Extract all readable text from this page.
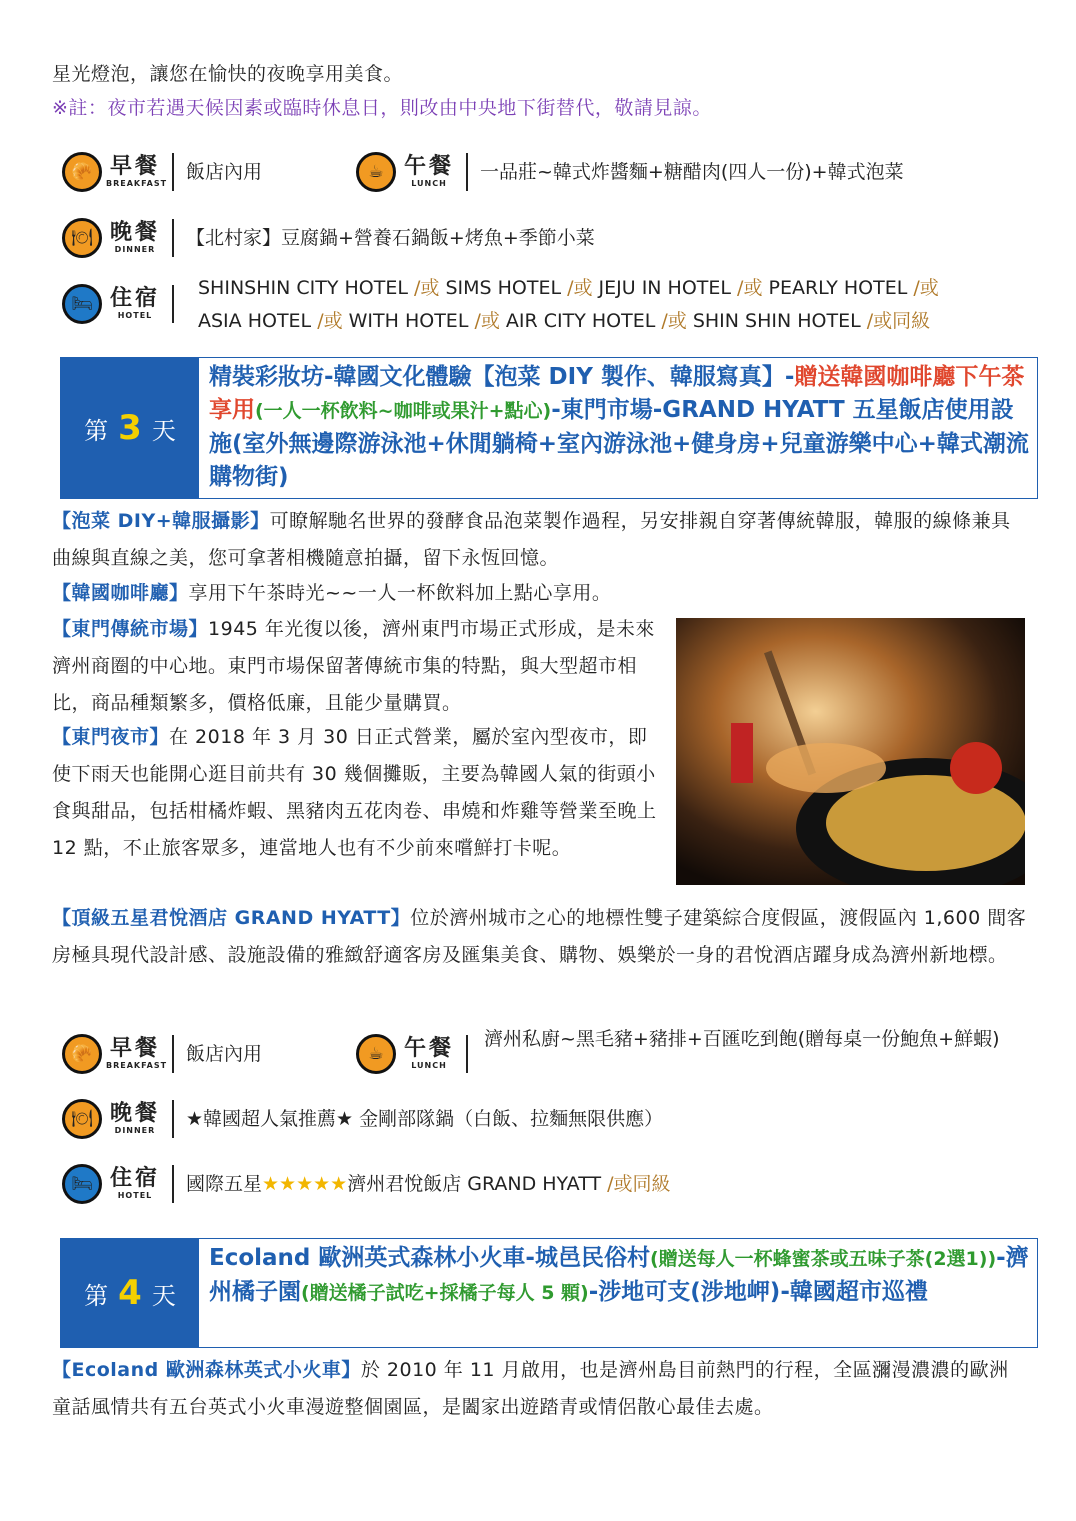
星光燈泡，讓您在愉快的夜晚享用美食。
※註：夜市若遇天候因素或臨時休息日，則改由中央地下街替代，敬請見諒。
🥐 早餐
BREAKFAST
飯店內用	☕ 午餐
LUNCH
一品莊~韓式炸醬麵+糖醋肉(四人一份)+韓式泡菜
🍽 晚餐
DINNER
【北村家】豆腐鍋+營養石鍋飯+烤魚+季節小菜
🛏 住宿
HOTEL
SHINSHIN CITY HOTEL /或 SIMS HOTEL /或 JEJU IN HOTEL /或 PEARLY HOTEL /或
ASIA HOTEL /或 WITH HOTEL /或 AIR CITY HOTEL /或 SHIN SHIN HOTEL /或同級
第 3 天
精裝彩妝坊-韓國文化體驗【泡菜 DIY 製作、韓服寫真】-贈送韓國咖啡廳下午茶享用(一人一杯飲料~咖啡或果汁+點心)-東門市場-GRAND HYATT 五星飯店使用設施(室外無邊際游泳池+休閒躺椅+室內游泳池+健身房+兒童游樂中心+韓式潮流購物街)
【泡菜 DIY+韓服攝影】可瞭解馳名世界的發酵食品泡菜製作過程，另安排親自穿著傳統韓服，韓服的線條兼具曲線與直線之美，您可拿著相機隨意拍攝，留下永恆回憶。
【韓國咖啡廳】享用下午茶時光~~一人一杯飲料加上點心享用。
【東門傳統市場】1945 年光復以後，濟州東門市場正式形成，是未來濟州商圈的中心地。東門市場保留著傳統市集的特點，與大型超市相比，商品種類繁多，價格低廉，且能少量購買。
【東門夜市】在 2018 年 3 月 30 日正式營業，屬於室內型夜市，即使下雨天也能開心逛目前共有 30 幾個攤販，主要為韓國人氣的街頭小食與甜品，包括柑橘炸蝦、黑豬肉五花肉卷、串燒和炸雞等營業至晚上 12 點，不止旅客眾多，連當地人也有不少前來嚐鮮打卡呢。
【頂級五星君悅酒店 GRAND HYATT】位於濟州城市之心的地標性雙子建築綜合度假區，渡假區內 1,600 間客房極具現代設計感、設施設備的雅緻舒適客房及匯集美食、購物、娛樂於一身的君悅酒店躍身成為濟州新地標。
🥐 早餐
BREAKFAST
飯店內用	☕ 午餐
LUNCH
濟州私廚~黑毛豬+豬排+百匯吃到飽(贈每桌一份鮑魚+鮮蝦)
🍽 晚餐
DINNER
★韓國超人氣推薦★ 金剛部隊鍋（白飯、拉麵無限供應）
🛏 住宿
HOTEL
國際五星★★★★★濟州君悅飯店 GRAND HYATT /或同級
第 4 天
Ecoland 歐洲英式森林小火車-城邑民俗村(贈送每人一杯蜂蜜茶或五味子茶(2選1))-濟州橘子園(贈送橘子試吃+採橘子每人 5 顆)-涉地可支(涉地岬)-韓國超市巡禮
【Ecoland 歐洲森林英式小火車】於 2010 年 11 月啟用，也是濟州島目前熱門的行程，全區瀰漫濃濃的歐洲童話風情共有五台英式小火車漫遊整個園區，是闔家出遊踏青或情侶散心最佳去處。
